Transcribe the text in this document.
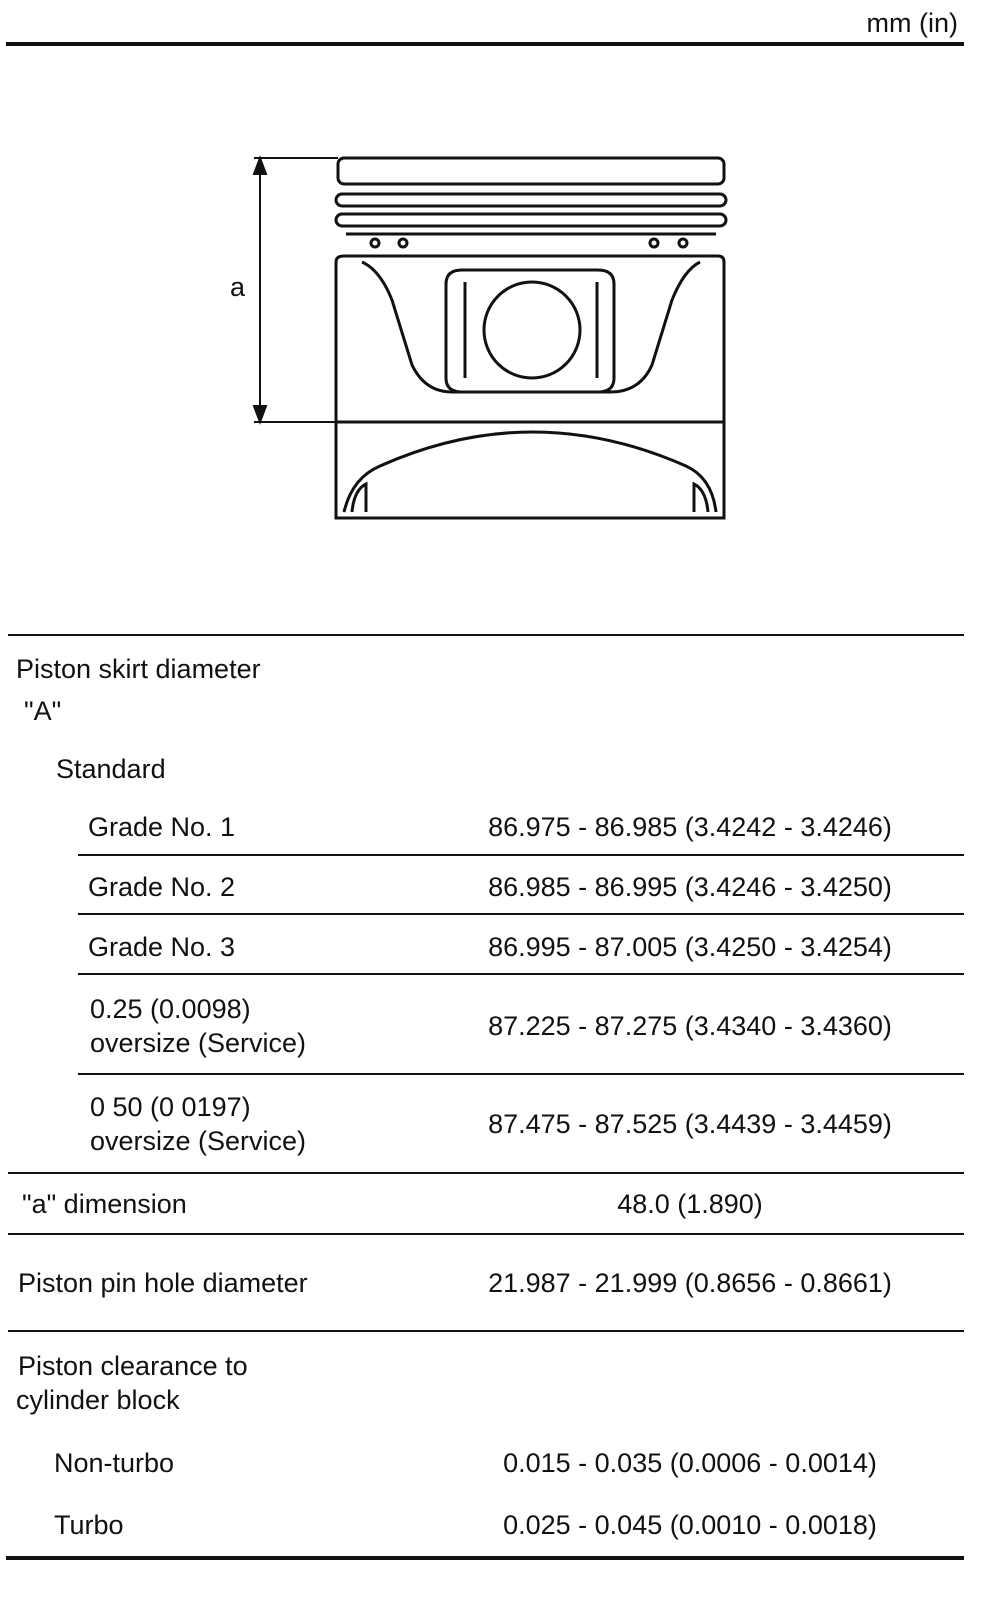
mm (in)
a
Piston skirt diameter
"A"
Standard
Grade No. 1	86.975 - 86.985 (3.4242 - 3.4246)
Grade No. 2	86.985 - 86.995 (3.4246 - 3.4250)
Grade No. 3	86.995 - 87.005 (3.4250 - 3.4254)
0.25 (0.0098)
oversize (Service)
87.225 - 87.275 (3.4340 - 3.4360)
0 50 (0 0197)
oversize (Service)
87.475 - 87.525 (3.4439 - 3.4459)
"a" dimension	48.0 (1.890)
Piston pin hole diameter	21.987 - 21.999 (0.8656 - 0.8661)
Piston clearance to
cylinder block
Non-turbo	0.015 - 0.035 (0.0006 - 0.0014)
Turbo	0.025 - 0.045 (0.0010 - 0.0018)
